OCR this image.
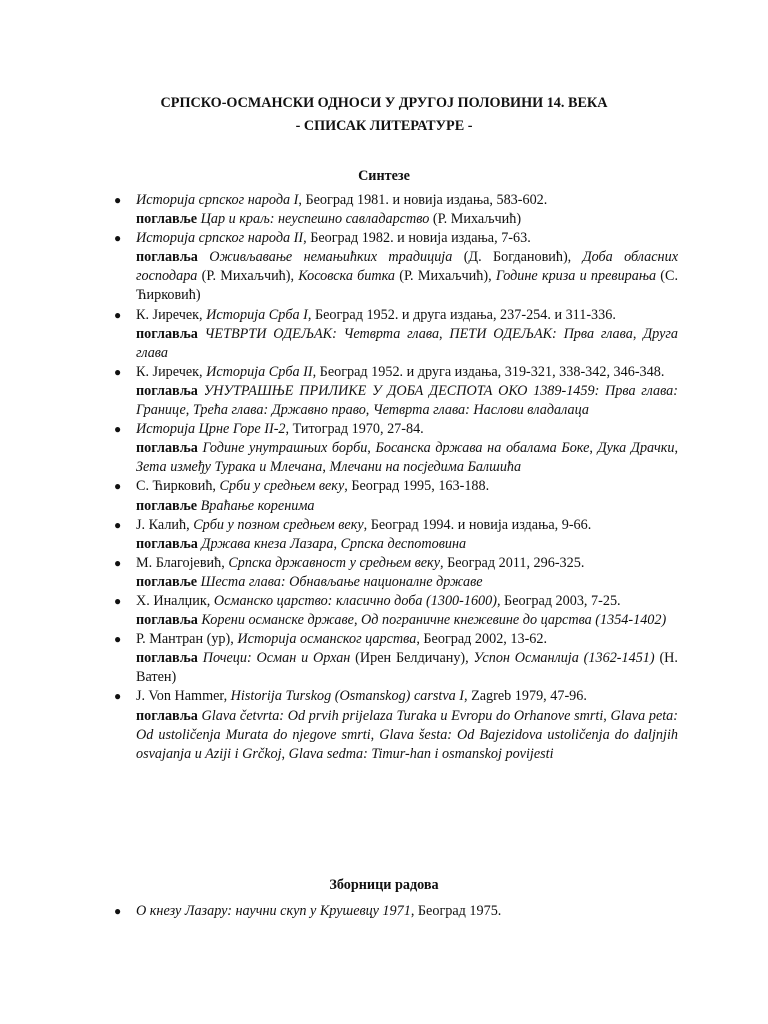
СРПСКО-ОСМАНСКИ ОДНОСИ У ДРУГОЈ ПОЛОВИНИ 14. ВЕКА
- СПИСАК ЛИТЕРАТУРЕ -
Синтезе
● Историја српског народа I, Београд 1981. и новија издања, 583-602.
поглавље Цар и краљ: неуспешно савладарство (Р. Михаљчић)
● Историја српског народа II, Београд 1982. и новија издања, 7-63.
поглавља Оживљавање немањићких традиција (Д. Богдановић), Доба обласних господара (Р. Михаљчић), Косовска битка (Р. Михаљчић), Године криза и превирања (С. Ћирковић)
● К. Јиречек, Историја Срба I, Београд 1952. и друга издања, 237-254. и 311-336.
поглавља ЧЕТВРТИ ОДЕЉАК: Четврта глава, ПЕТИ ОДЕЉАК: Прва глава, Друга глава
● К. Јиречек, Историја Срба II, Београд 1952. и друга издања, 319-321, 338-342, 346-348.
поглавља УНУТРАШЊЕ ПРИЛИКЕ У ДОБА ДЕСПОТА ОКО 1389-1459: Прва глава: Границе, Трећа глава: Државно право, Четврта глава: Наслови владалаца
● Историја Црне Горе II-2, Титоград 1970, 27-84.
поглавља Године унутрашњих борби, Босанска држава на обалама Боке, Дука Драчки, Зета између Турака и Млечана, Млечани на посједима Балшића
● С. Ћирковић, Срби у средњем веку, Београд 1995, 163-188.
поглавље Враћање коренима
● Ј. Калић, Срби у позном средњем веку, Београд 1994. и новија издања, 9-66.
поглавља Држава кнеза Лазара, Српска деспотовина
● М. Благојевић, Српска државност у средњем веку, Београд 2011, 296-325.
поглавље Шеста глава: Обнављање националне државе
● Х. Иналџик, Османско царство: класично доба (1300-1600), Београд 2003, 7-25.
поглавља Корени османске државе, Од пограничне кнежевине до царства (1354-1402)
● Р. Мантран (ур), Историја османског царства, Београд 2002, 13-62.
поглавља Почеци: Осман и Орхан (Ирен Белдичану), Успон Османлија (1362-1451) (Н. Ватен)
● J. Von Hammer, Historija Turskog (Osmanskog) carstva I, Zagreb 1979, 47-96.
поглавља Glava četvrta: Od prvih prijelaza Turaka u Evropu do Orhanove smrti, Glava peta: Od ustoličenja Murata do njegove smrti, Glava šesta: Od Bajezidova ustoličenja do daljnjih osvajanja u Aziji i Grčkoj, Glava sedma: Timur-han i osmanskoj povijesti
Зборници радова
● О кнезу Лазару: научни скуп у Крушевцу 1971, Београд 1975.
